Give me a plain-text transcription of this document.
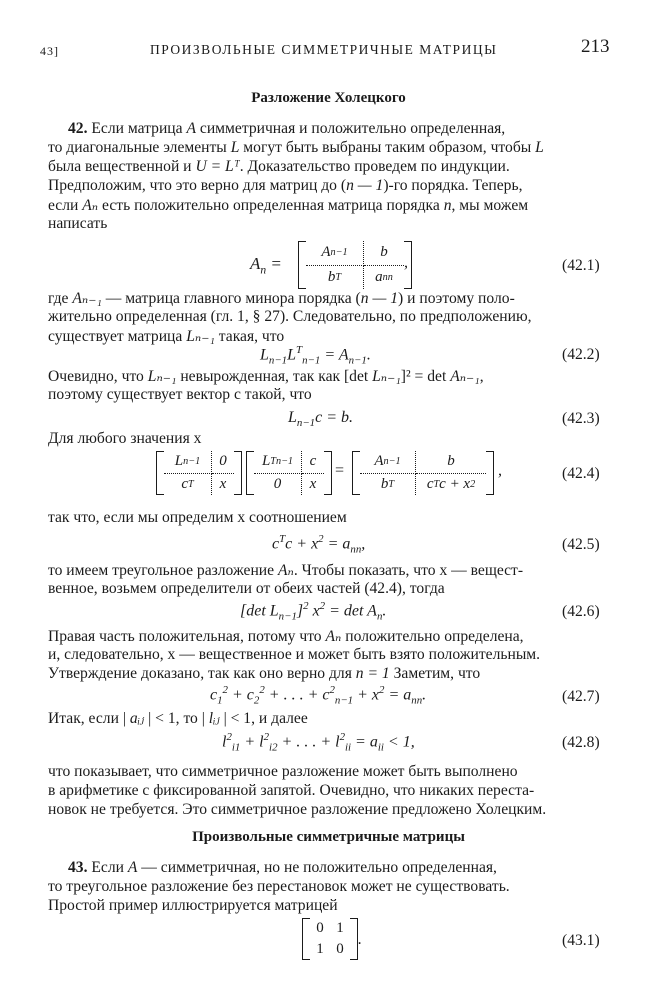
43]	ПРОИЗВОЛЬНЫЕ СИММЕТРИЧНЫЕ МАТРИЦЫ	213
Разложение Холецкого
42. Если матрица A симметричная и положительно определенная,
то диагональные элементы L могут быть выбраны таким образом, чтобы L
была вещественной и U = Lᵀ. Доказательство проведем по индукции.
Предположим, что это верно для матриц до (n — 1)-го порядка. Теперь,
если Aₙ есть положительно определенная матрица порядка n, мы можем
написать
$A_n$ =
A n−1	b
b T	a nn
,	(42.1)
где Aₙ₋₁ — матрица главного минора порядка (n — 1) и поэтому поло-
жительно определенная (гл. 1, § 27). Следовательно, по предположению,
существует матрица Lₙ₋₁ такая, что
$L_{n-1}L^T_{n-1} = A_{n-1}$.	(42.2)
Очевидно, что Lₙ₋₁ невырожденная, так как [det Lₙ₋₁]² = det Aₙ₋₁,
поэтому существует вектор c такой, что
$L_{n-1}c = b$.	(42.3)
Для любого значения x
L n−1	0
c T	x
L T n−1	c
0	x
=
A n−1	b
b T	c T c + x 2
,	(42.4)
так что, если мы определим x соотношением
$c^Tc + x^2 = a_{nn}$,	(42.5)
то имеем треугольное разложение Aₙ. Чтобы показать, что x — вещест-
венное, возьмем определители от обеих частей (42.4), тогда
[det $L_{n-1}]^2$ $x^2 = \det A_n$.	(42.6)
Правая часть положительная, потому что Aₙ положительно определена,
и, следовательно, x — вещественное и может быть взято положительным.
Утверждение доказано, так как оно верно для n = 1 Заметим, что
$c_1^2 + c_2^2$ + . . . + $c^2_{n-1} + x^2 = a_{nn}$.	(42.7)
Итак, если | aᵢⱼ | < 1, то | lᵢⱼ | < 1, и далее
$l^2_{i1} + l^2_{i2}$ + . . . + $l^2_{ii} = a_{ii} < 1$,	(42.8)
что показывает, что симметричное разложение может быть выполнено
в арифметике с фиксированной запятой. Очевидно, что никаких переста-
новок не требуется. Это симметричное разложение предложено Холецким.
Произвольные симметричные матрицы
43. Если A — симметричная, но не положительно определенная,
то треугольное разложение без перестановок может не существовать.
Простой пример иллюстрируется матрицей
0 1
1 0
.	(43.1)
